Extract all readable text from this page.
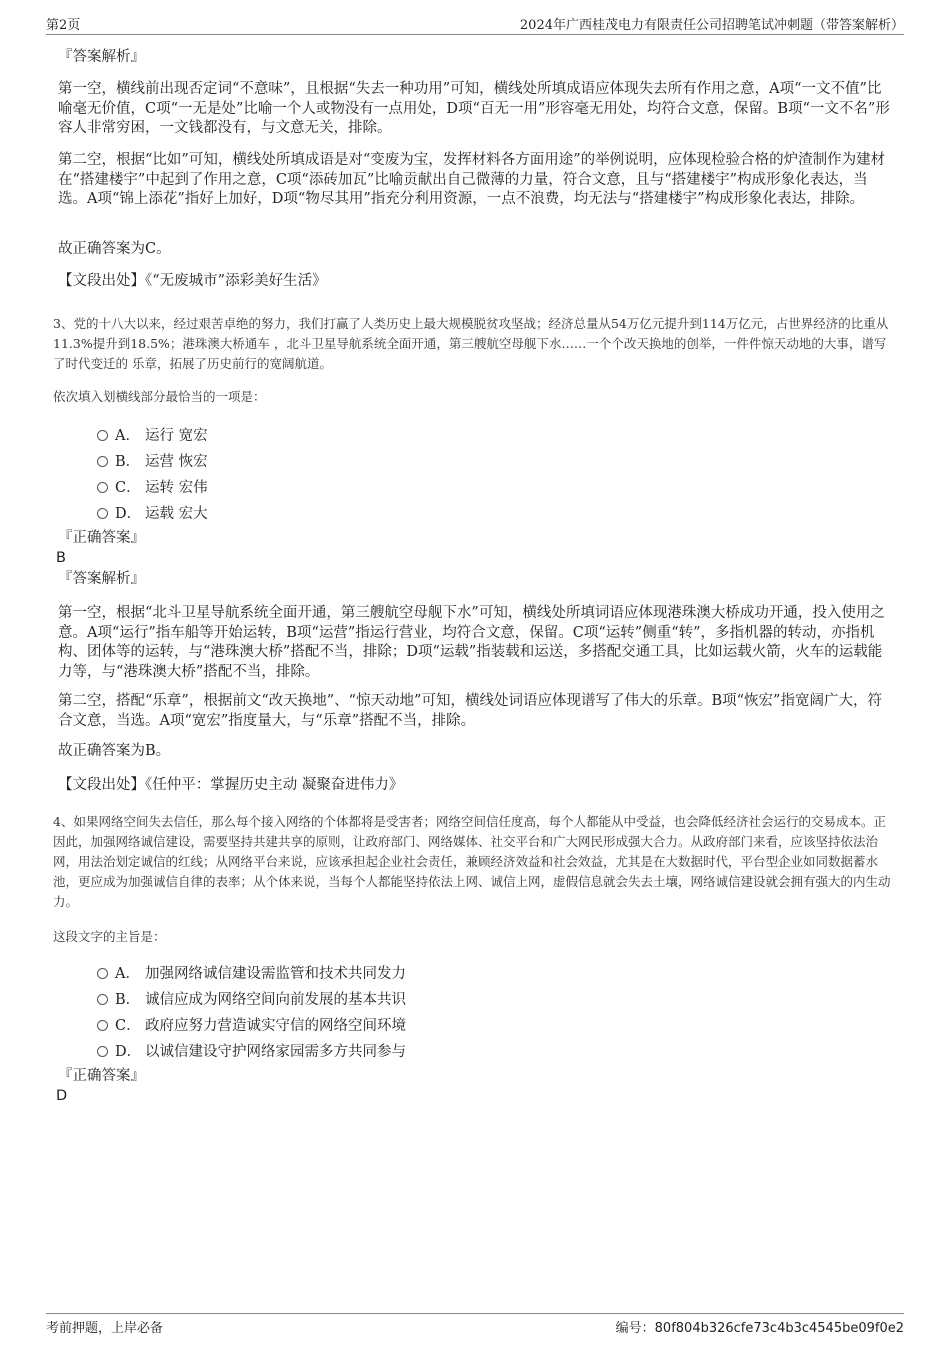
第2页	2024年广西桂茂电力有限责任公司招聘笔试冲刺题（带答案解析）
『答案解析』

第一空，横线前出现否定词“不意味”，且根据“失去一种功用”可知，横线处所填成语应体现失去所有作用之意，A项“一文不值”比喻毫无价值，C项“一无是处”比喻一个人或物没有一点用处，D项“百无一用”形容毫无用处，均符合文意，保留。B项“一文不名”形容人非常穷困，一文钱都没有，与文意无关，排除。

第二空，根据“比如”可知，横线处所填成语是对“变废为宝，发挥材料各方面用途”的举例说明，应体现检验合格的炉渣制作为建材在“搭建楼宇”中起到了作用之意，C项“添砖加瓦”比喻贡献出自己微薄的力量，符合文意，且与“搭建楼宇”构成形象化表达，当选。A项“锦上添花”指好上加好，D项“物尽其用”指充分利用资源，一点不浪费，均无法与“搭建楼宇”构成形象化表达，排除。

故正确答案为C。

【文段出处】《“无废城市”添彩美好生活》

3、党的十八大以来，经过艰苦卓绝的努力，我们打赢了人类历史上最大规模脱贫攻坚战；经济总量从54万亿元提升到114万亿元，占世界经济的比重从11.3%提升到18.5%；港珠澳大桥通车 ，北斗卫星导航系统全面开通，第三艘航空母舰下水……一个个改天换地的创举，一件件惊天动地的大事，谱写了时代变迁的 乐章，拓展了历史前行的宽阔航道。

依次填入划横线部分最恰当的一项是：

A． 运行 宽宏
B． 运营 恢宏
C． 运转 宏伟
D． 运载 宏大
『正确答案』
B
『答案解析』

第一空，根据“北斗卫星导航系统全面开通，第三艘航空母舰下水”可知，横线处所填词语应体现港珠澳大桥成功开通，投入使用之意。A项“运行”指车船等开始运转，B项“运营”指运行营业，均符合文意，保留。C项“运转”侧重“转”，多指机器的转动，亦指机构、团体等的运转，与“港珠澳大桥”搭配不当，排除；D项“运载”指装载和运送，多搭配交通工具，比如运载火箭，火车的运载能力等，与“港珠澳大桥”搭配不当，排除。

第二空，搭配“乐章”，根据前文“改天换地”、“惊天动地”可知，横线处词语应体现谱写了伟大的乐章。B项“恢宏”指宽阔广大，符合文意，当选。A项“宽宏”指度量大，与“乐章”搭配不当，排除。

故正确答案为B。

【文段出处】《任仲平：掌握历史主动 凝聚奋进伟力》

4、如果网络空间失去信任，那么每个接入网络的个体都将是受害者；网络空间信任度高，每个人都能从中受益，也会降低经济社会运行的交易成本。正因此，加强网络诚信建设，需要坚持共建共享的原则，让政府部门、网络媒体、社交平台和广大网民形成强大合力。从政府部门来看，应该坚持依法治网，用法治划定诚信的红线；从网络平台来说，应该承担起企业社会责任，兼顾经济效益和社会效益，尤其是在大数据时代，平台型企业如同数据蓄水池，更应成为加强诚信自律的表率；从个体来说，当每个人都能坚持依法上网、诚信上网，虚假信息就会失去土壤，网络诚信建设就会拥有强大的内生动力。

这段文字的主旨是：

A． 加强网络诚信建设需监管和技术共同发力
B． 诚信应成为网络空间向前发展的基本共识
C． 政府应努力营造诚实守信的网络空间环境
D． 以诚信建设守护网络家园需多方共同参与
『正确答案』
D
考前押题，上岸必备	编号：80f804b326cfe73c4b3c4545be09f0e2
